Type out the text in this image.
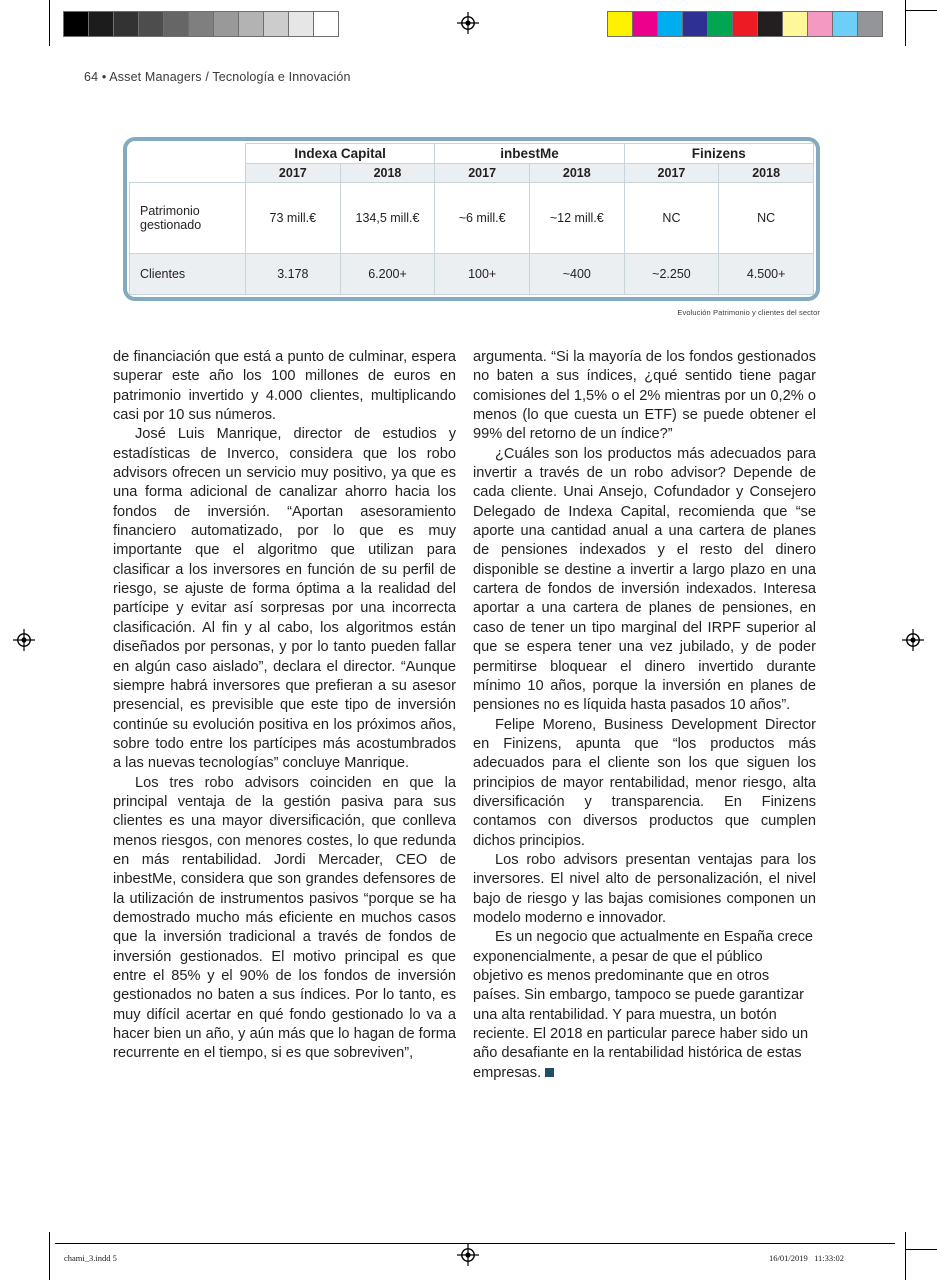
64 • Asset Managers / Tecnología e Innovación
	Indexa Capital		inbestMe		Finizens	
	2017	2018	2017	2018	2017	2018
Patrimonio
gestionado	73 mill.€	134,5 mill.€	~6 mill.€	~12 mill.€	NC	NC
Clientes	3.178	6.200+	100+	~400	~2.250	4.500+
Evolución Patrimonio y clientes del sector

de financiación que está a punto de culminar, espera superar este año los 100 millones de euros en patrimonio invertido y 4.000 clientes, multiplicando casi por 10 sus números.

José Luis Manrique, director de estudios y estadísticas de Inverco, considera que los robo advisors ofrecen un servicio muy positivo, ya que es una forma adicional de canalizar ahorro hacia los fondos de inversión. “Aportan asesoramiento financiero automatizado, por lo que es muy importante que el algoritmo que utilizan para clasificar a los inversores en función de su perfil de riesgo, se ajuste de forma óptima a la realidad del partícipe y evitar así sorpresas por una incorrecta clasificación. Al fin y al cabo, los algoritmos están diseñados por personas, y por lo tanto pueden fallar en algún caso aislado”, declara el director. “Aunque siempre habrá inversores que prefieran a su asesor presencial, es previsible que este tipo de inversión continúe su evolución positiva en los próximos años, sobre todo entre los partícipes más acostumbrados a las nuevas tecnologías” concluye Manrique.

Los tres robo advisors coinciden en que la principal ventaja de la gestión pasiva para sus clientes es una mayor diversificación, que conlleva menos riesgos, con menores costes, lo que redunda en más rentabilidad. Jordi Mercader, CEO de inbestMe, considera que son grandes defensores de la utilización de instrumentos pasivos “porque se ha demostrado mucho más eficiente en muchos casos que la inversión tradicional a través de fondos de inversión gestionados. El motivo principal es que entre el 85% y el 90% de los fondos de inversión gestionados no baten a sus índices. Por lo tanto, es muy difícil acertar en qué fondo gestionado lo va a hacer bien un año, y aún más que lo hagan de forma recurrente en el tiempo, si es que sobreviven”,

argumenta. “Si la mayoría de los fondos gestionados no baten a sus índices, ¿qué sentido tiene pagar comisiones del 1,5% o el 2% mientras por un 0,2% o menos (lo que cuesta un ETF) se puede obtener el 99% del retorno de un índice?”

¿Cuáles son los productos más adecuados para invertir a través de un robo advisor? Depende de cada cliente. Unai Ansejo, Cofundador y Consejero Delegado de Indexa Capital, recomienda que “se aporte una cantidad anual a una cartera de planes de pensiones indexados y el resto del dinero disponible se destine a invertir a largo plazo en una cartera de fondos de inversión indexados. Interesa aportar a una cartera de planes de pensiones, en caso de tener un tipo marginal del IRPF superior al que se espera tener una vez jubilado, y de poder permitirse bloquear el dinero invertido durante mínimo 10 años, porque la inversión en planes de pensiones no es líquida hasta pasados 10 años”.

Felipe Moreno, Business Development Director en Finizens, apunta que “los productos más adecuados para el cliente son los que siguen los principios de mayor rentabilidad, menor riesgo, alta diversificación y transparencia. En Finizens contamos con diversos productos que cumplen dichos principios.

Los robo advisors presentan ventajas para los inversores. El nivel alto de personalización, el nivel bajo de riesgo y las bajas comisiones componen un modelo moderno e innovador.

Es un negocio que actualmente en España crece exponencialmente, a pesar de que el público objetivo es menos predominante que en otros países. Sin embargo, tampoco se puede garantizar una alta rentabilidad. Y para muestra, un botón reciente. El 2018 en particular parece haber sido un año desafiante en la rentabilidad histórica de estas empresas.

chami_3.indd 5	16/01/2019   11:33:02
